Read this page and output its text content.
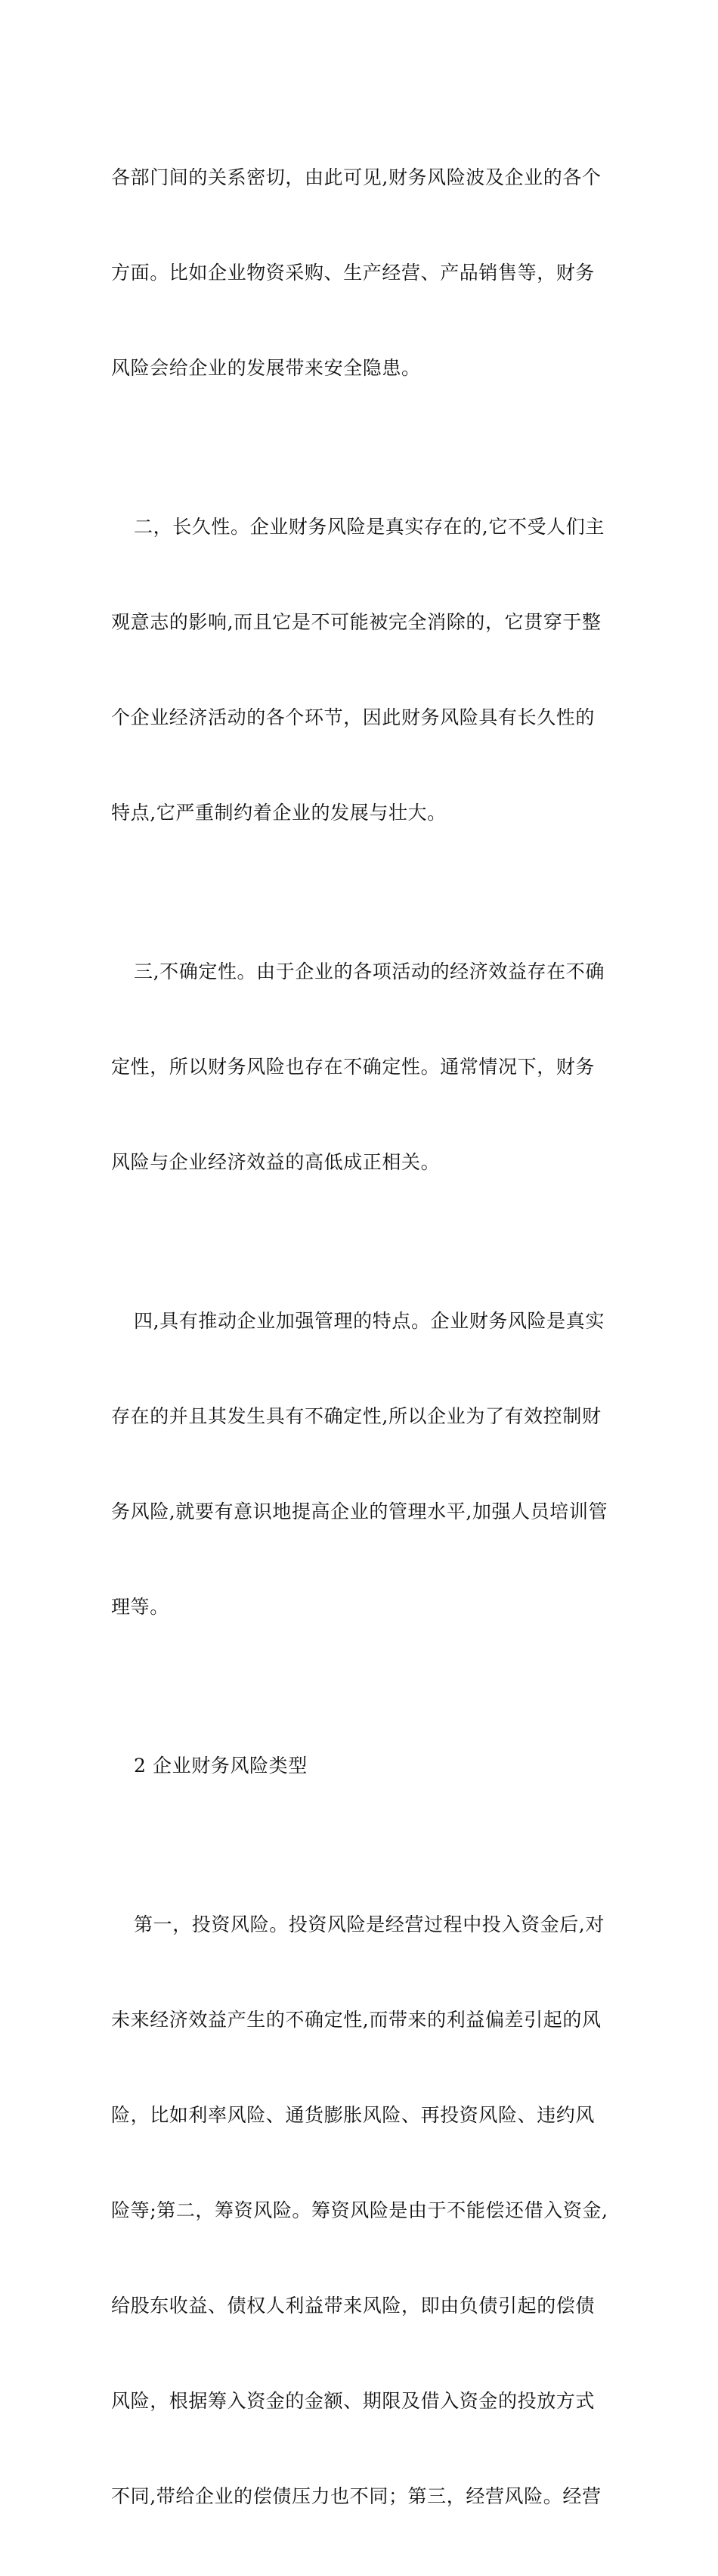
各部门间的关系密切，由此可见,财务风险波及企业的各个

方面。比如企业物资采购、生产经营、产品销售等，财务

风险会给企业的发展带来安全隐患。

二，长久性。企业财务风险是真实存在的,它不受人们主

观意志的影响,而且它是不可能被完全消除的，它贯穿于整

个企业经济活动的各个环节，因此财务风险具有长久性的

特点,它严重制约着企业的发展与壮大。

三,不确定性。由于企业的各项活动的经济效益存在不确

定性，所以财务风险也存在不确定性。通常情况下，财务

风险与企业经济效益的高低成正相关。

四,具有推动企业加强管理的特点。企业财务风险是真实

存在的并且其发生具有不确定性,所以企业为了有效控制财

务风险,就要有意识地提高企业的管理水平,加强人员培训管

理等。

2 企业财务风险类型

第一，投资风险。投资风险是经营过程中投入资金后,对

未来经济效益产生的不确定性,而带来的利益偏差引起的风

险，比如利率风险、通货膨胀风险、再投资风险、违约风

险等;第二，筹资风险。筹资风险是由于不能偿还借入资金,

给股东收益、债权人利益带来风险，即由负债引起的偿债

风险，根据筹入资金的金额、期限及借入资金的投放方式

不同,带给企业的偿债压力也不同；第三，经营风险。经营
